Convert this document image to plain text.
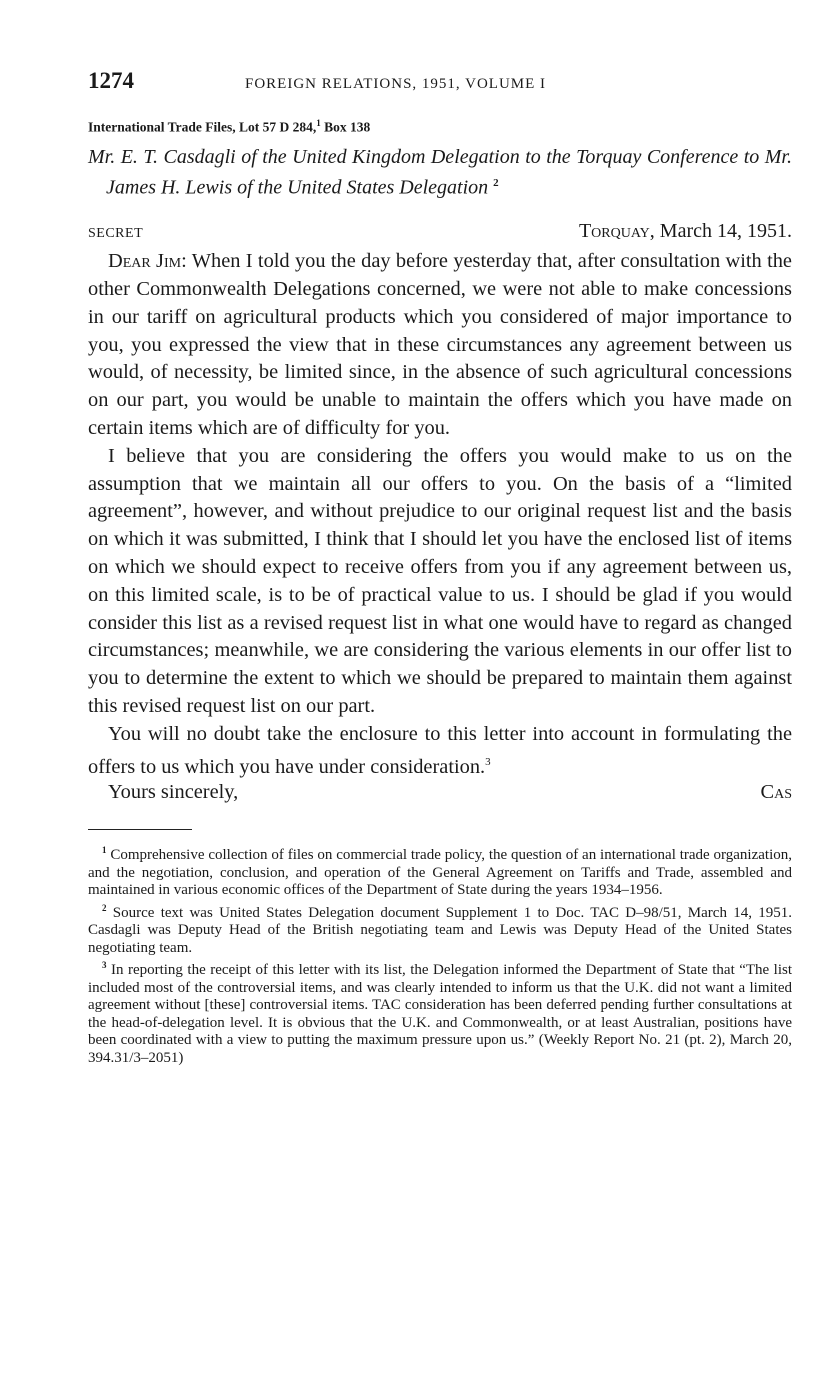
1274	FOREIGN RELATIONS, 1951, VOLUME I
International Trade Files, Lot 57 D 284,$^1$ Box 138
Mr. E. T. Casdagli of the United Kingdom Delegation to the Torquay Conference to Mr. James H. Lewis of the United States Delegation $^2$
SECRET	Torquay, March 14, 1951.

Dear Jim: When I told you the day before yesterday that, after consultation with the other Commonwealth Delegations concerned, we were not able to make concessions in our tariff on agricultural products which you considered of major importance to you, you expressed the view that in these circumstances any agreement between us would, of necessity, be limited since, in the absence of such agricultural concessions on our part, you would be unable to maintain the offers which you have made on certain items which are of difficulty for you.

I believe that you are considering the offers you would make to us on the assumption that we maintain all our offers to you. On the basis of a “limited agreement”, however, and without prejudice to our original request list and the basis on which it was submitted, I think that I should let you have the enclosed list of items on which we should expect to receive offers from you if any agreement between us, on this limited scale, is to be of practical value to us. I should be glad if you would consider this list as a revised request list in what one would have to regard as changed circumstances; meanwhile, we are considering the various elements in our offer list to you to determine the extent to which we should be prepared to maintain them against this revised request list on our part.

You will no doubt take the enclosure to this letter into account in formulating the offers to us which you have under consideration.$^3$

Yours sincerely,	Cas

$^1$ Comprehensive collection of files on commercial trade policy, the question of an international trade organization, and the negotiation, conclusion, and operation of the General Agreement on Tariffs and Trade, assembled and maintained in various economic offices of the Department of State during the years 1934–1956.

$^2$ Source text was United States Delegation document Supplement 1 to Doc. TAC D–98/51, March 14, 1951. Casdagli was Deputy Head of the British negotiating team and Lewis was Deputy Head of the United States negotiating team.

$^3$ In reporting the receipt of this letter with its list, the Delegation informed the Department of State that “The list included most of the controversial items, and was clearly intended to inform us that the U.K. did not want a limited agreement without [these] controversial items. TAC consideration has been deferred pending further consultations at the head-of-delegation level. It is obvious that the U.K. and Commonwealth, or at least Australian, positions have been coordinated with a view to putting the maximum pressure upon us.” (Weekly Report No. 21 (pt. 2), March 20, 394.31/3–2051)
